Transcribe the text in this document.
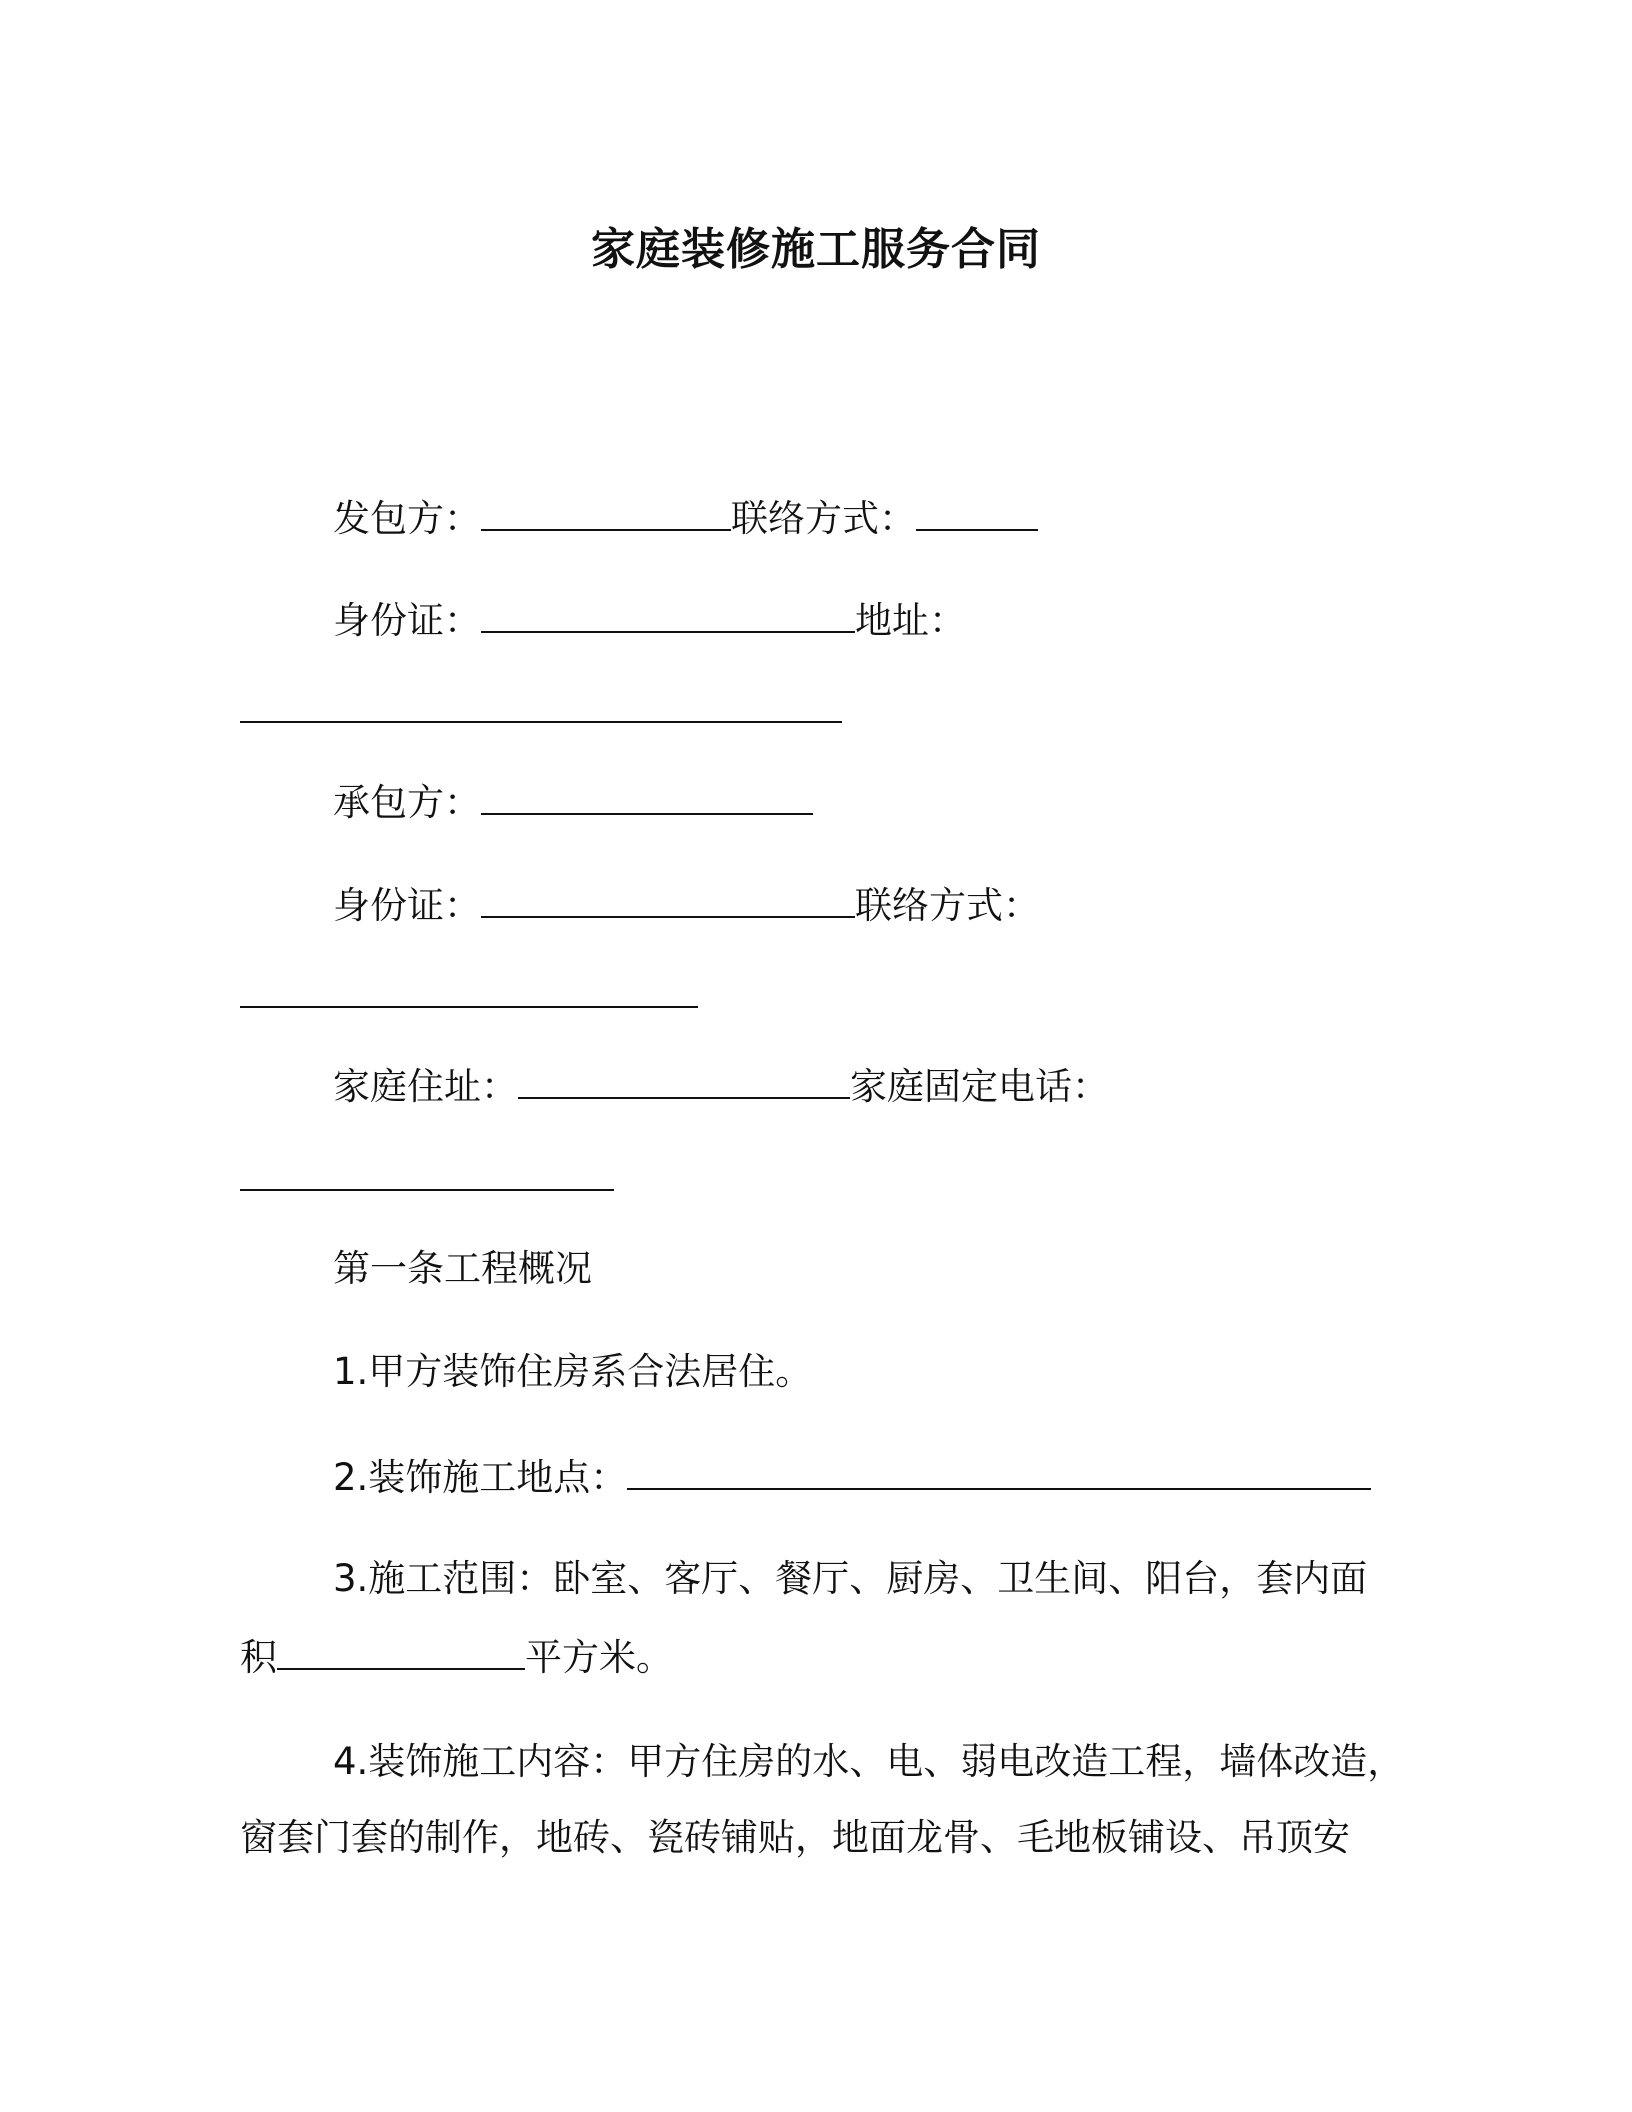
家庭装修施工服务合同
发包方：	联络方式：
身份证：	地址：
承包方：
身份证：	联络方式：
家庭住址：	家庭固定电话：
第一条工程概况
1.甲方装饰住房系合法居住。
2.装饰施工地点：
3.施工范围：卧室、客厅、餐厅、厨房、卫生间、阳台，套内面
积	平方米。
4.装饰施工内容：甲方住房的水、电、弱电改造工程，墙体改造，
窗套门套的制作，地砖、瓷砖铺贴，地面龙骨、毛地板铺设、吊顶安
